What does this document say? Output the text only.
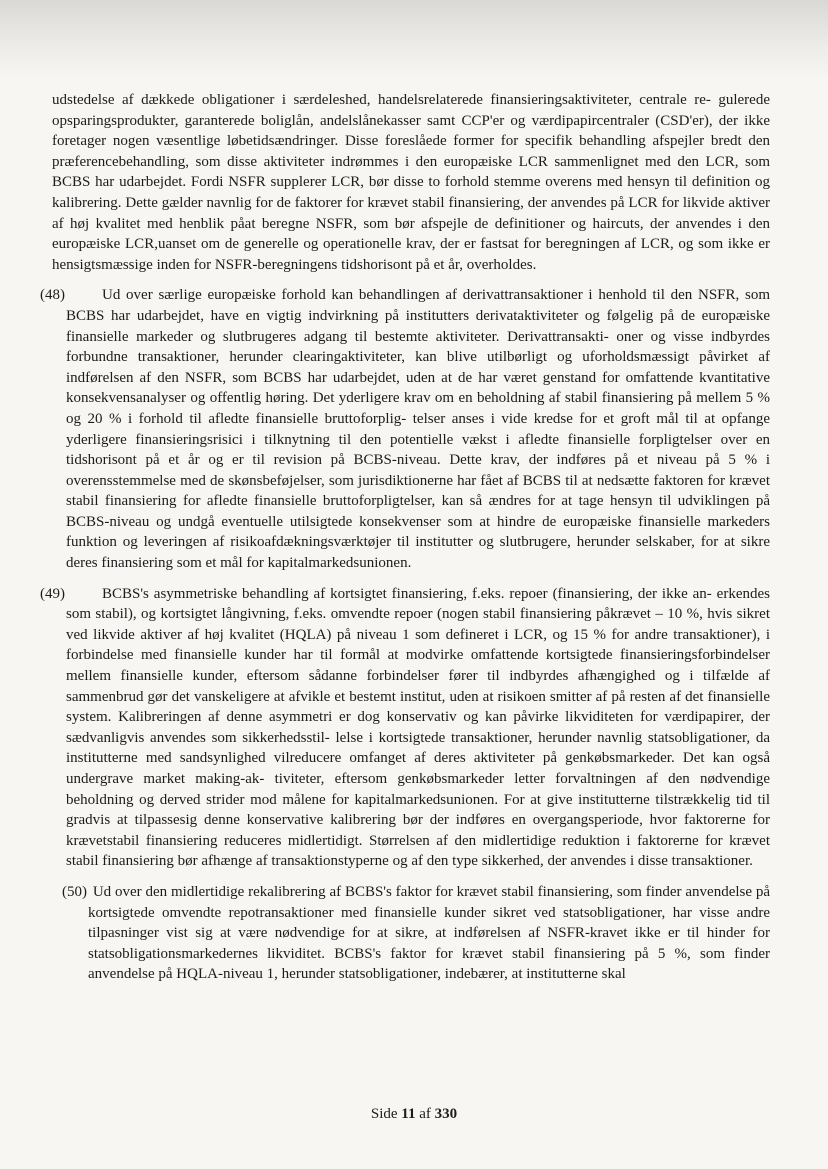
udstedelse af dækkede obligationer i særdeleshed, handelsrelaterede finansieringsaktiviteter, centrale re- gulerede opsparingsprodukter, garanterede boliglån, andelslånekasser samt CCP'er og værdipapircentraler (CSD'er), der ikke foretager nogen væsentlige løbetidsændringer. Disse foreslåede former for specifik behandling afspejler bredt den præferencebehandling, som disse aktiviteter indrømmes i den europæiske LCR sammenlignet med den LCR, som BCBS har udarbejdet. Fordi NSFR supplerer LCR, bør disse to forhold stemme overens med hensyn til definition og kalibrering. Dette gælder navnlig for de faktorer for krævet stabil finansiering, der anvendes på LCR for likvide aktiver af høj kvalitet med henblik påat beregne NSFR, som bør afspejle de definitioner og haircuts, der anvendes i den europæiske LCR,uanset om de generelle og operationelle krav, der er fastsat for beregningen af LCR, og som ikke er hensigtsmæssige inden for NSFR-beregningens tidshorisont på et år, overholdes.

(48) Ud over særlige europæiske forhold kan behandlingen af derivattransaktioner i henhold til den NSFR, som BCBS har udarbejdet, have en vigtig indvirkning på institutters derivataktiviteter og følgelig på de europæiske finansielle markeder og slutbrugeres adgang til bestemte aktiviteter. Derivattransakti- oner og visse indbyrdes forbundne transaktioner, herunder clearingaktiviteter, kan blive utilbørligt og uforholdsmæssigt påvirket af indførelsen af den NSFR, som BCBS har udarbejdet, uden at de har været genstand for omfattende kvantitative konsekvensanalyser og offentlig høring. Det yderligere krav om en beholdning af stabil finansiering på mellem 5 % og 20 % i forhold til afledte finansielle bruttoforplig- telser anses i vide kredse for et groft mål til at opfange yderligere finansieringsrisici i tilknytning til den potentielle vækst i afledte finansielle forpligtelser over en tidshorisont på et år og er til revision på BCBS-niveau. Dette krav, der indføres på et niveau på 5 % i overensstemmelse med de skønsbeføjelser, som jurisdiktionerne har fået af BCBS til at nedsætte faktoren for krævet stabil finansiering for afledte finansielle bruttoforpligtelser, kan så ændres for at tage hensyn til udviklingen på BCBS-niveau og undgå eventuelle utilsigtede konsekvenser som at hindre de europæiske finansielle markeders funktion og leveringen af risikoafdækningsværktøjer til institutter og slutbrugere, herunder selskaber, for at sikre deres finansiering som et mål for kapitalmarkedsunionen.

(49) BCBS's asymmetriske behandling af kortsigtet finansiering, f.eks. repoer (finansiering, der ikke an- erkendes som stabil), og kortsigtet långivning, f.eks. omvendte repoer (nogen stabil finansiering påkrævet – 10 %, hvis sikret ved likvide aktiver af høj kvalitet (HQLA) på niveau 1 som defineret i LCR, og 15 % for andre transaktioner), i forbindelse med finansielle kunder har til formål at modvirke omfattende kortsigtede finansieringsforbindelser mellem finansielle kunder, eftersom sådanne forbindelser fører til indbyrdes afhængighed og i tilfælde af sammenbrud gør det vanskeligere at afvikle et bestemt institut, uden at risikoen smitter af på resten af det finansielle system. Kalibreringen af denne asymmetri er dog konservativ og kan påvirke likviditeten for værdipapirer, der sædvanligvis anvendes som sikkerhedsstil- lelse i kortsigtede transaktioner, herunder navnlig statsobligationer, da institutterne med sandsynlighed vilreducere omfanget af deres aktiviteter på genkøbsmarkeder. Det kan også undergrave market making-ak- tiviteter, eftersom genkøbsmarkeder letter forvaltningen af den nødvendige beholdning og derved strider mod målene for kapitalmarkedsunionen. For at give institutterne tilstrækkelig tid til gradvis at tilpassesig denne konservative kalibrering bør der indføres en overgangsperiode, hvor faktorerne for krævetstabil finansiering reduceres midlertidigt. Størrelsen af den midlertidige reduktion i faktorerne for krævet stabil finansiering bør afhænge af transaktionstyperne og af den type sikkerhed, der anvendes i disse transaktioner.

(50) Ud over den midlertidige rekalibrering af BCBS's faktor for krævet stabil finansiering, som finder anvendelse på kortsigtede omvendte repotransaktioner med finansielle kunder sikret ved statsobligationer, har visse andre tilpasninger vist sig at være nødvendige for at sikre, at indførelsen af NSFR-kravet ikke er til hinder for statsobligationsmarkedernes likviditet. BCBS's faktor for krævet stabil finansiering på 5 %, som finder anvendelse på HQLA-niveau 1, herunder statsobligationer, indebærer, at institutterne skal

Side 11 af 330
